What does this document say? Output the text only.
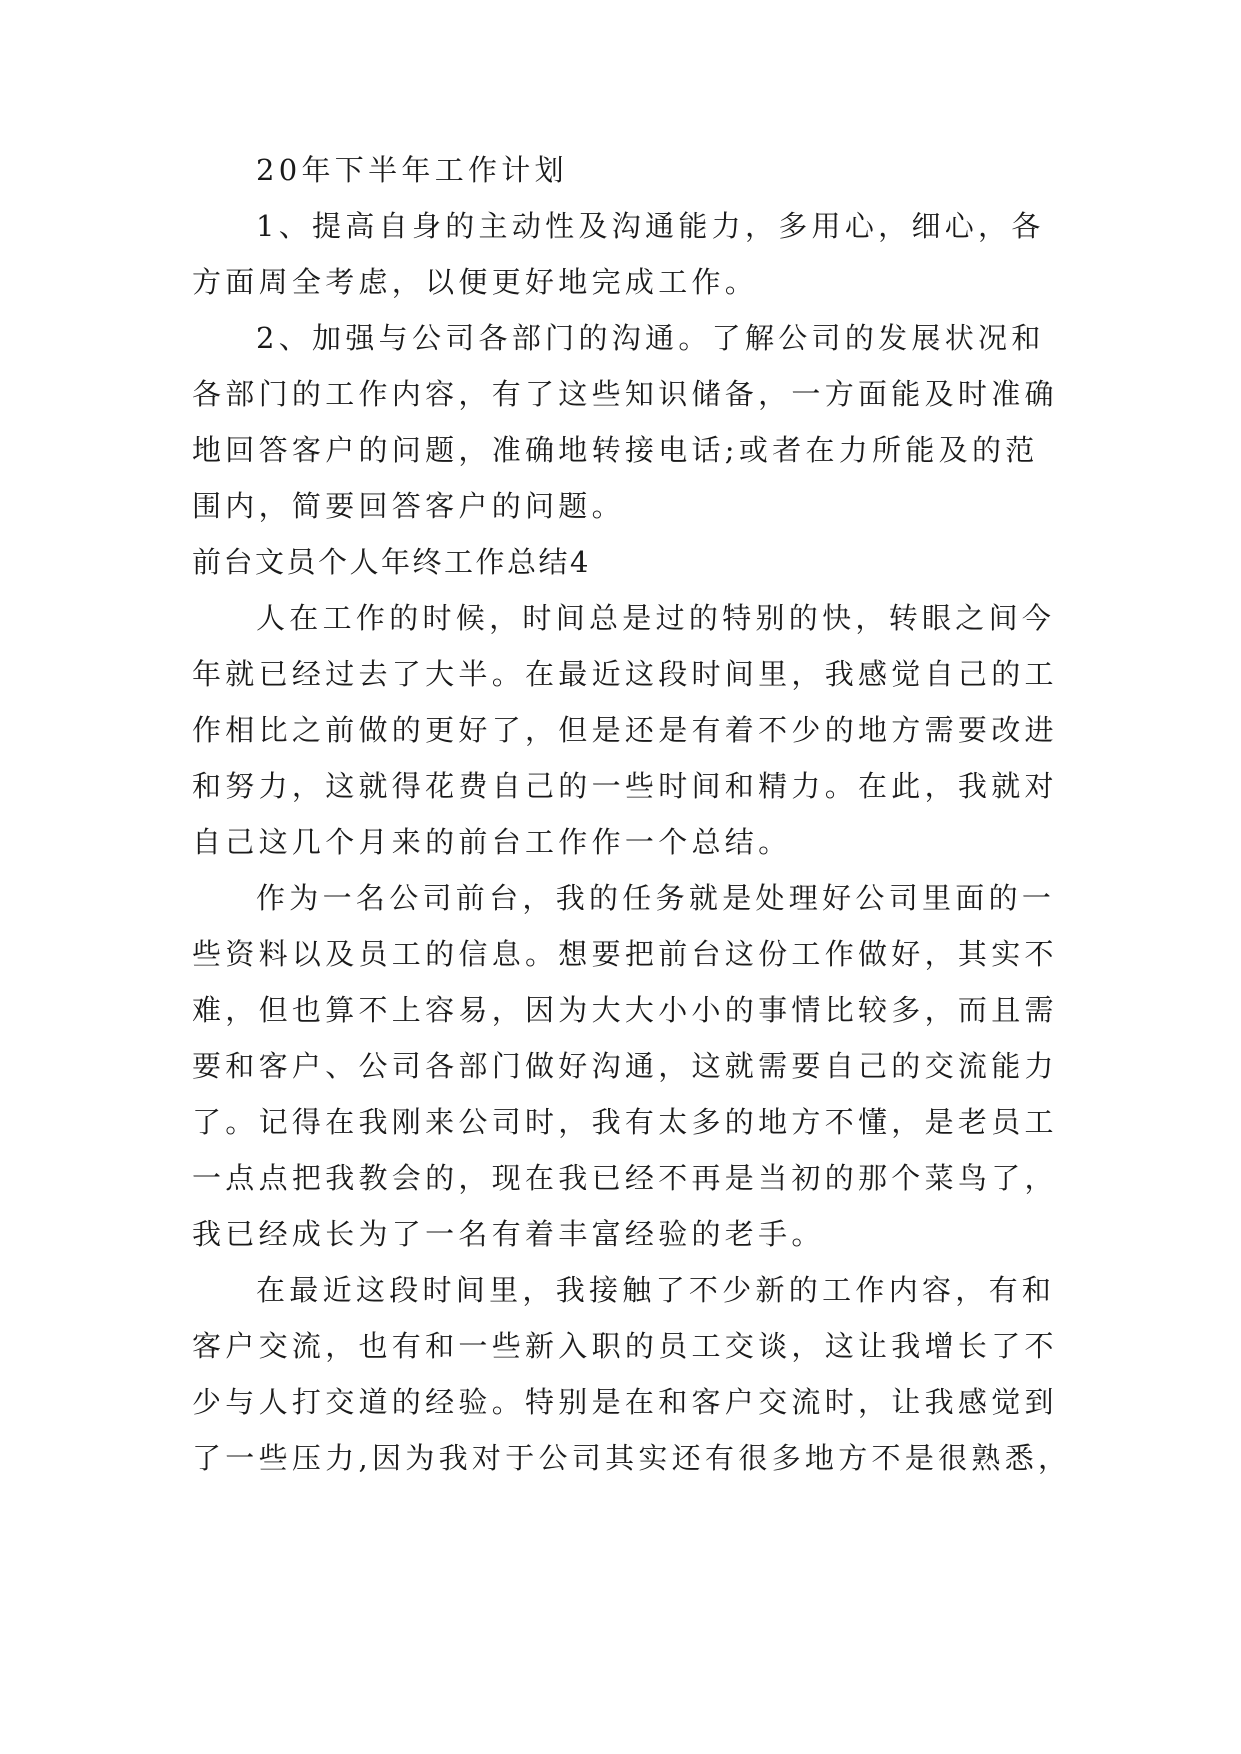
20年下半年工作计划

1、提高自身的主动性及沟通能力，多用心，细心，各

方面周全考虑，以便更好地完成工作。

2、加强与公司各部门的沟通。了解公司的发展状况和

各部门的工作内容，有了这些知识储备，一方面能及时准确

地回答客户的问题，准确地转接电话;或者在力所能及的范

围内，简要回答客户的问题。

前台文员个人年终工作总结4

人在工作的时候，时间总是过的特别的快，转眼之间今

年就已经过去了大半。在最近这段时间里，我感觉自己的工

作相比之前做的更好了，但是还是有着不少的地方需要改进

和努力，这就得花费自己的一些时间和精力。在此，我就对

自己这几个月来的前台工作作一个总结。

作为一名公司前台，我的任务就是处理好公司里面的一

些资料以及员工的信息。想要把前台这份工作做好，其实不

难，但也算不上容易，因为大大小小的事情比较多，而且需

要和客户、公司各部门做好沟通，这就需要自己的交流能力

了。记得在我刚来公司时，我有太多的地方不懂，是老员工

一点点把我教会的，现在我已经不再是当初的那个菜鸟了，

我已经成长为了一名有着丰富经验的老手。

在最近这段时间里，我接触了不少新的工作内容，有和

客户交流，也有和一些新入职的员工交谈，这让我增长了不

少与人打交道的经验。特别是在和客户交流时，让我感觉到

了一些压力,因为我对于公司其实还有很多地方不是很熟悉，
